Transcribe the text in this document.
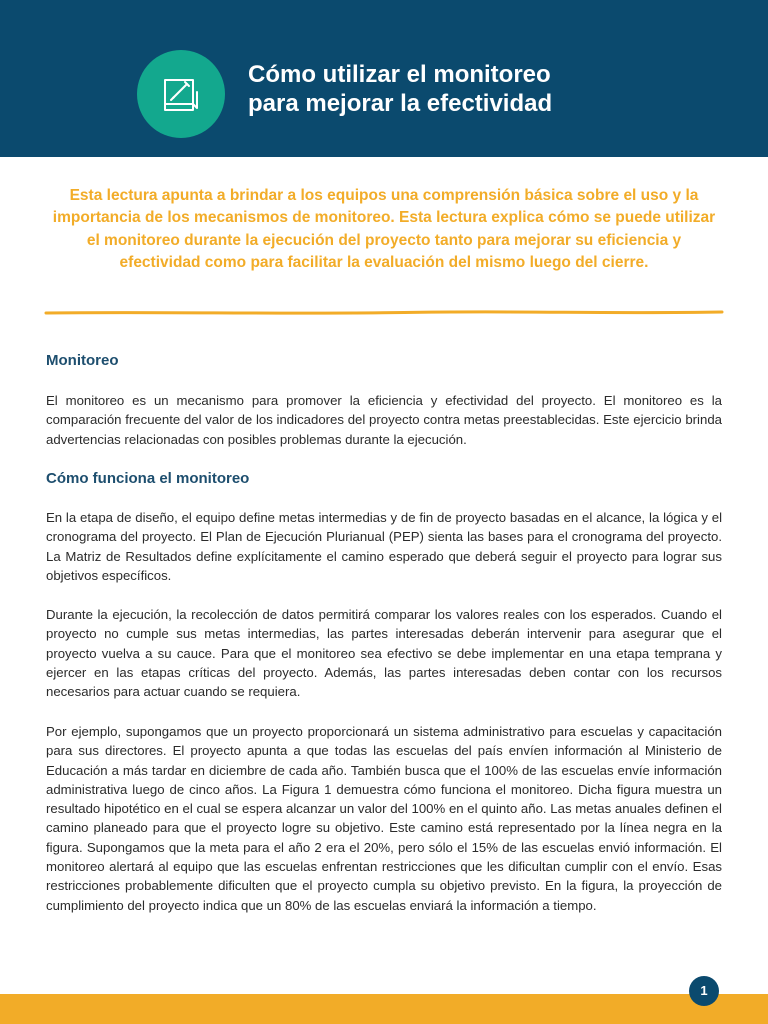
Cómo utilizar el monitoreo
para mejorar la efectividad
Esta lectura apunta a brindar a los equipos una comprensión básica sobre el uso y la importancia de los mecanismos de monitoreo. Esta lectura explica cómo se puede utilizar el monitoreo durante la ejecución del proyecto tanto para mejorar su eficiencia y efectividad como para facilitar la evaluación del mismo luego del cierre.
Monitoreo
El monitoreo es un mecanismo para promover la eficiencia y efectividad del proyecto. El monitoreo es la comparación frecuente del valor de los indicadores del proyecto contra metas preestablecidas. Este ejercicio brinda advertencias relacionadas con posibles problemas durante la ejecución.
Cómo funciona el monitoreo
En la etapa de diseño, el equipo define metas intermedias y de fin de proyecto basadas en el alcance, la lógica y el cronograma del proyecto. El Plan de Ejecución Plurianual (PEP) sienta las bases para el cronograma del proyecto. La Matriz de Resultados define explícitamente el camino esperado que deberá seguir el proyecto para lograr sus objetivos específicos.
Durante la ejecución, la recolección de datos permitirá comparar los valores reales con los esperados. Cuando el proyecto no cumple sus metas intermedias, las partes interesadas deberán intervenir para asegurar que el proyecto vuelva a su cauce. Para que el monitoreo sea efectivo se debe implementar en una etapa temprana y ejercer en las etapas críticas del proyecto. Además, las partes interesadas deben contar con los recursos necesarios para actuar cuando se requiera.
Por ejemplo, supongamos que un proyecto proporcionará un sistema administrativo para escuelas y capacitación para sus directores. El proyecto apunta a que todas las escuelas del país envíen información al Ministerio de Educación a más tardar en diciembre de cada año. También busca que el 100% de las escuelas envíe información administrativa luego de cinco años. La Figura 1 demuestra cómo funciona el monitoreo. Dicha figura muestra un resultado hipotético en el cual se espera alcanzar un valor del 100% en el quinto año. Las metas anuales definen el camino planeado para que el proyecto logre su objetivo. Este camino está representado por la línea negra en la figura. Supongamos que la meta para el año 2 era el 20%, pero sólo el 15% de las escuelas envió información. El monitoreo alertará al equipo que las escuelas enfrentan restricciones que les dificultan cumplir con el envío. Esas restricciones probablemente dificulten que el proyecto cumpla su objetivo previsto. En la figura, la proyección de cumplimiento del proyecto indica que un 80% de las escuelas enviará la información a tiempo.
1
